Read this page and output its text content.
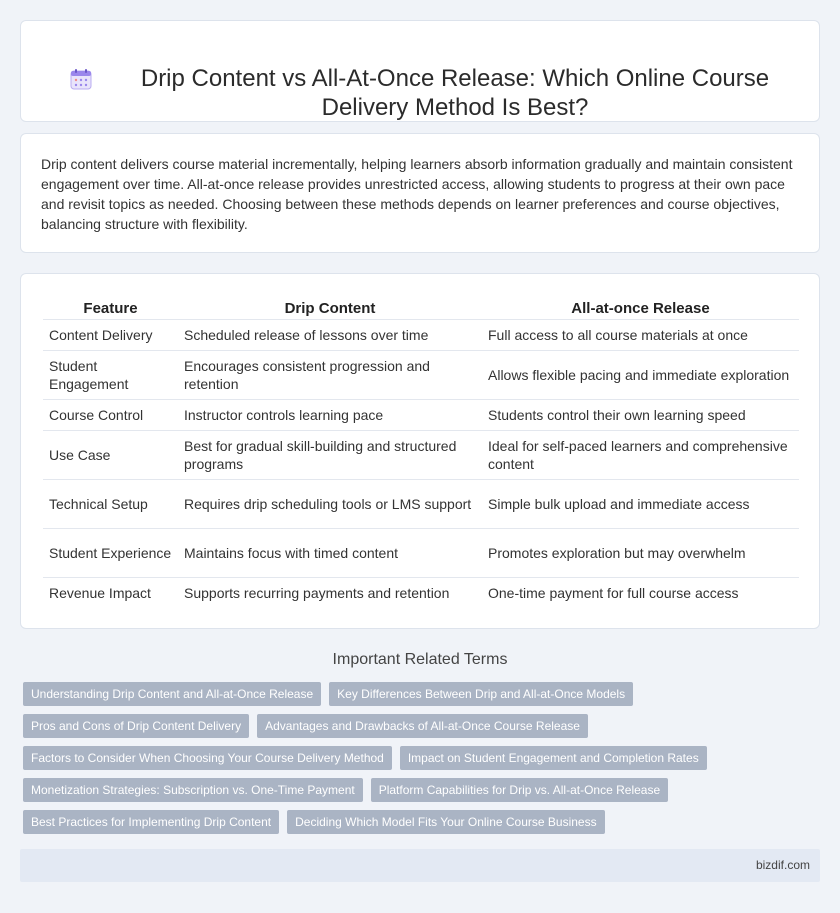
Drip Content vs All-At-Once Release: Which Online Course Delivery Method Is Best?

Drip content delivers course material incrementally, helping learners absorb information gradually and maintain consistent engagement over time. All-at-once release provides unrestricted access, allowing students to progress at their own pace and revisit topics as needed. Choosing between these methods depends on learner preferences and course objectives, balancing structure with flexibility.

Feature	Drip Content	All-at-once Release
Content Delivery	Scheduled release of lessons over time	Full access to all course materials at once
Student Engagement	Encourages consistent progression and retention	Allows flexible pacing and immediate exploration
Course Control	Instructor controls learning pace	Students control their own learning speed
Use Case	Best for gradual skill-building and structured programs	Ideal for self-paced learners and comprehensive content
Technical Setup	Requires drip scheduling tools or LMS support	Simple bulk upload and immediate access
Student Experience	Maintains focus with timed content	Promotes exploration but may overwhelm
Revenue Impact	Supports recurring payments and retention	One-time payment for full course access
Important Related Terms
Understanding Drip Content and All-at-Once Release	Key Differences Between Drip and All-at-Once Models
Pros and Cons of Drip Content Delivery	Advantages and Drawbacks of All-at-Once Course Release
Factors to Consider When Choosing Your Course Delivery Method	Impact on Student Engagement and Completion Rates
Monetization Strategies: Subscription vs. One-Time Payment	Platform Capabilities for Drip vs. All-at-Once Release
Best Practices for Implementing Drip Content	Deciding Which Model Fits Your Online Course Business
bizdif.com
